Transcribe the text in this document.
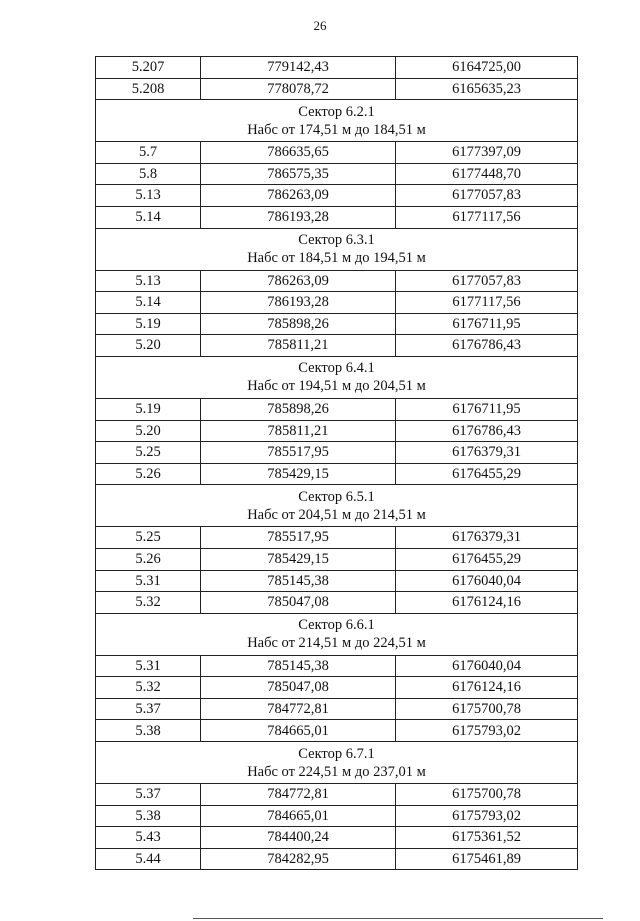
26
5.207	779142,43	6164725,00
5.208	778078,72	6165635,23

Сектор 6.2.1
Набс от 174,51 м до 184,51 м		

5.7	786635,65	6177397,09
5.8	786575,35	6177448,70
5.13	786263,09	6177057,83
5.14	786193,28	6177117,56

Сектор 6.3.1
Набс от 184,51 м до 194,51 м		

5.13	786263,09	6177057,83
5.14	786193,28	6177117,56
5.19	785898,26	6176711,95
5.20	785811,21	6176786,43

Сектор 6.4.1
Набс от 194,51 м до 204,51 м		

5.19	785898,26	6176711,95
5.20	785811,21	6176786,43
5.25	785517,95	6176379,31
5.26	785429,15	6176455,29

Сектор 6.5.1
Набс от 204,51 м до 214,51 м		

5.25	785517,95	6176379,31
5.26	785429,15	6176455,29
5.31	785145,38	6176040,04
5.32	785047,08	6176124,16

Сектор 6.6.1
Набс от 214,51 м до 224,51 м		

5.31	785145,38	6176040,04
5.32	785047,08	6176124,16
5.37	784772,81	6175700,78
5.38	784665,01	6175793,02

Сектор 6.7.1
Набс от 224,51 м до 237,01 м		

5.37	784772,81	6175700,78
5.38	784665,01	6175793,02
5.43	784400,24	6175361,52
5.44	784282,95	6175461,89
